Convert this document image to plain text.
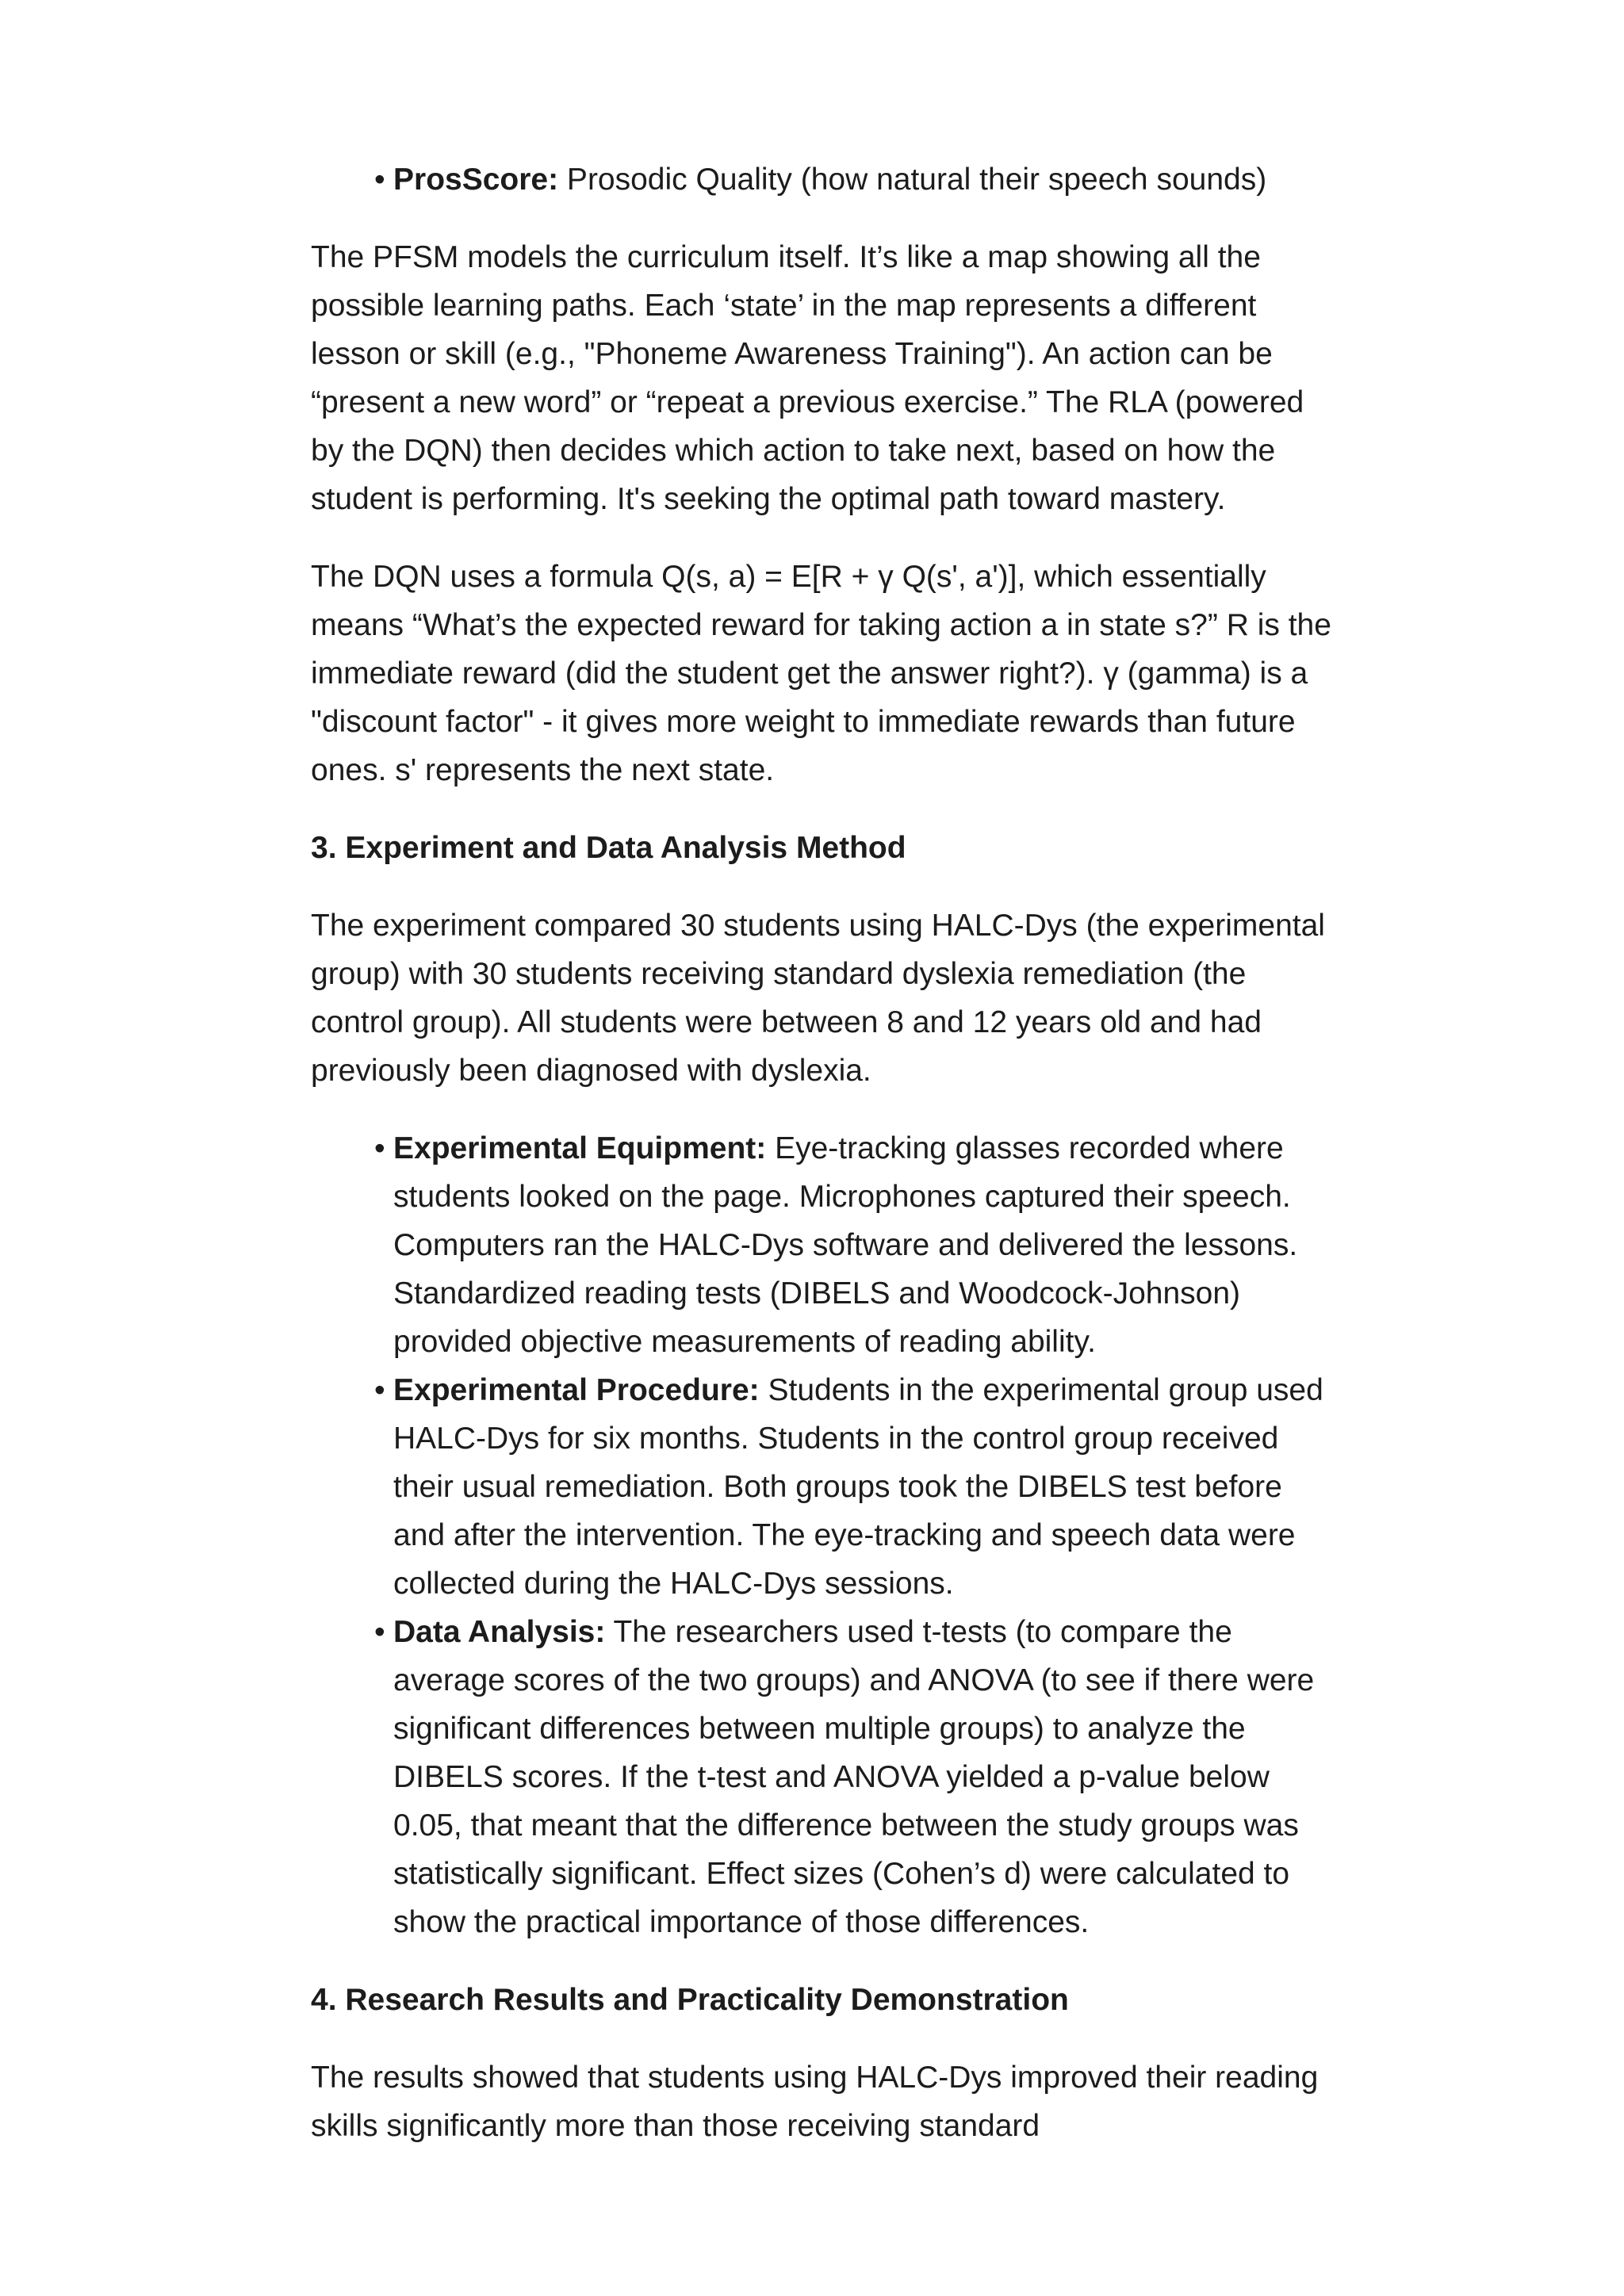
• ProsScore: Prosodic Quality (how natural their speech sounds)

The PFSM models the curriculum itself. It’s like a map showing all the possible learning paths. Each ‘state’ in the map represents a different lesson or skill (e.g., "Phoneme Awareness Training"). An action can be “present a new word” or “repeat a previous exercise.” The RLA (powered by the DQN) then decides which action to take next, based on how the student is performing. It's seeking the optimal path toward mastery.

The DQN uses a formula Q(s, a) = E[R + γ Q(s', a')], which essentially means “What’s the expected reward for taking action a in state s?” R is the immediate reward (did the student get the answer right?). γ (gamma) is a "discount factor" - it gives more weight to immediate rewards than future ones. s' represents the next state.

3. Experiment and Data Analysis Method

The experiment compared 30 students using HALC-Dys (the experimental group) with 30 students receiving standard dyslexia remediation (the control group). All students were between 8 and 12 years old and had previously been diagnosed with dyslexia.

• Experimental Equipment: Eye-tracking glasses recorded where students looked on the page. Microphones captured their speech. Computers ran the HALC-Dys software and delivered the lessons. Standardized reading tests (DIBELS and Woodcock-Johnson) provided objective measurements of reading ability.
• Experimental Procedure: Students in the experimental group used HALC-Dys for six months. Students in the control group received their usual remediation. Both groups took the DIBELS test before and after the intervention. The eye-tracking and speech data were collected during the HALC-Dys sessions.
• Data Analysis: The researchers used t-tests (to compare the average scores of the two groups) and ANOVA (to see if there were significant differences between multiple groups) to analyze the DIBELS scores. If the t-test and ANOVA yielded a p-value below 0.05, that meant that the difference between the study groups was statistically significant. Effect sizes (Cohen’s d) were calculated to show the practical importance of those differences.
4. Research Results and Practicality Demonstration

The results showed that students using HALC-Dys improved their reading skills significantly more than those receiving standard
